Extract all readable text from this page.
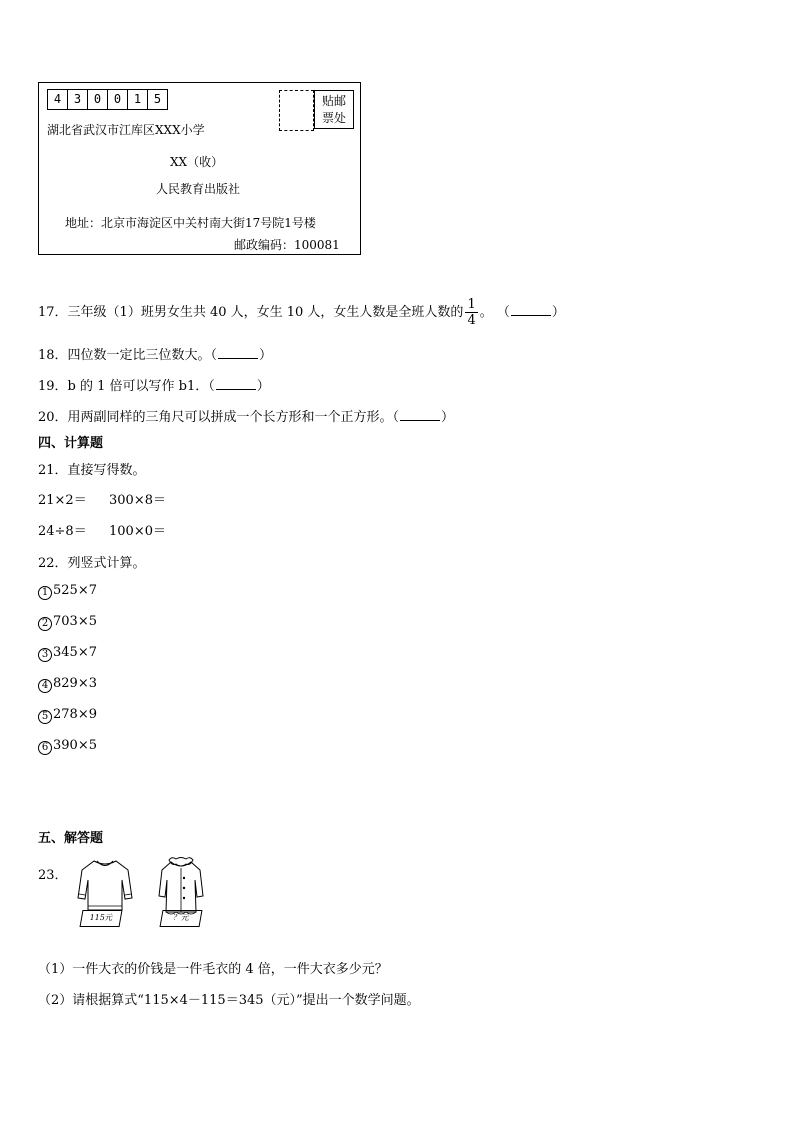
4	3	0	0	1	5	贴邮
票处
湖北省武汉市江库区XXX小学
XX（收）
人民教育出版社
地址：北京市海淀区中关村南大街17号院1号楼
邮政编码：100081
17．三年级（1）班男女生共 40 人，女生 10 人，女生人数是全班人数的 $\frac{1}{4}$ 。 （	）
18．四位数一定比三位数大。（	）
19．b 的 1 倍可以写作 b1．（	）
20．用两副同样的三角尺可以拼成一个长方形和一个正方形。（	）
四、计算题
21．直接写得数。
21×2＝ 300×8＝
24÷8＝ 100×0＝
22．列竖式计算。
1 525×7
2 703×5
3 345×7
4 829×3
5 278×9
6 390×5
五、解答题
23．
115元	？元
（1）一件大衣的价钱是一件毛衣的 4 倍，一件大衣多少元？
（2）请根据算式“115×4－115＝345（元）”提出一个数学问题。
